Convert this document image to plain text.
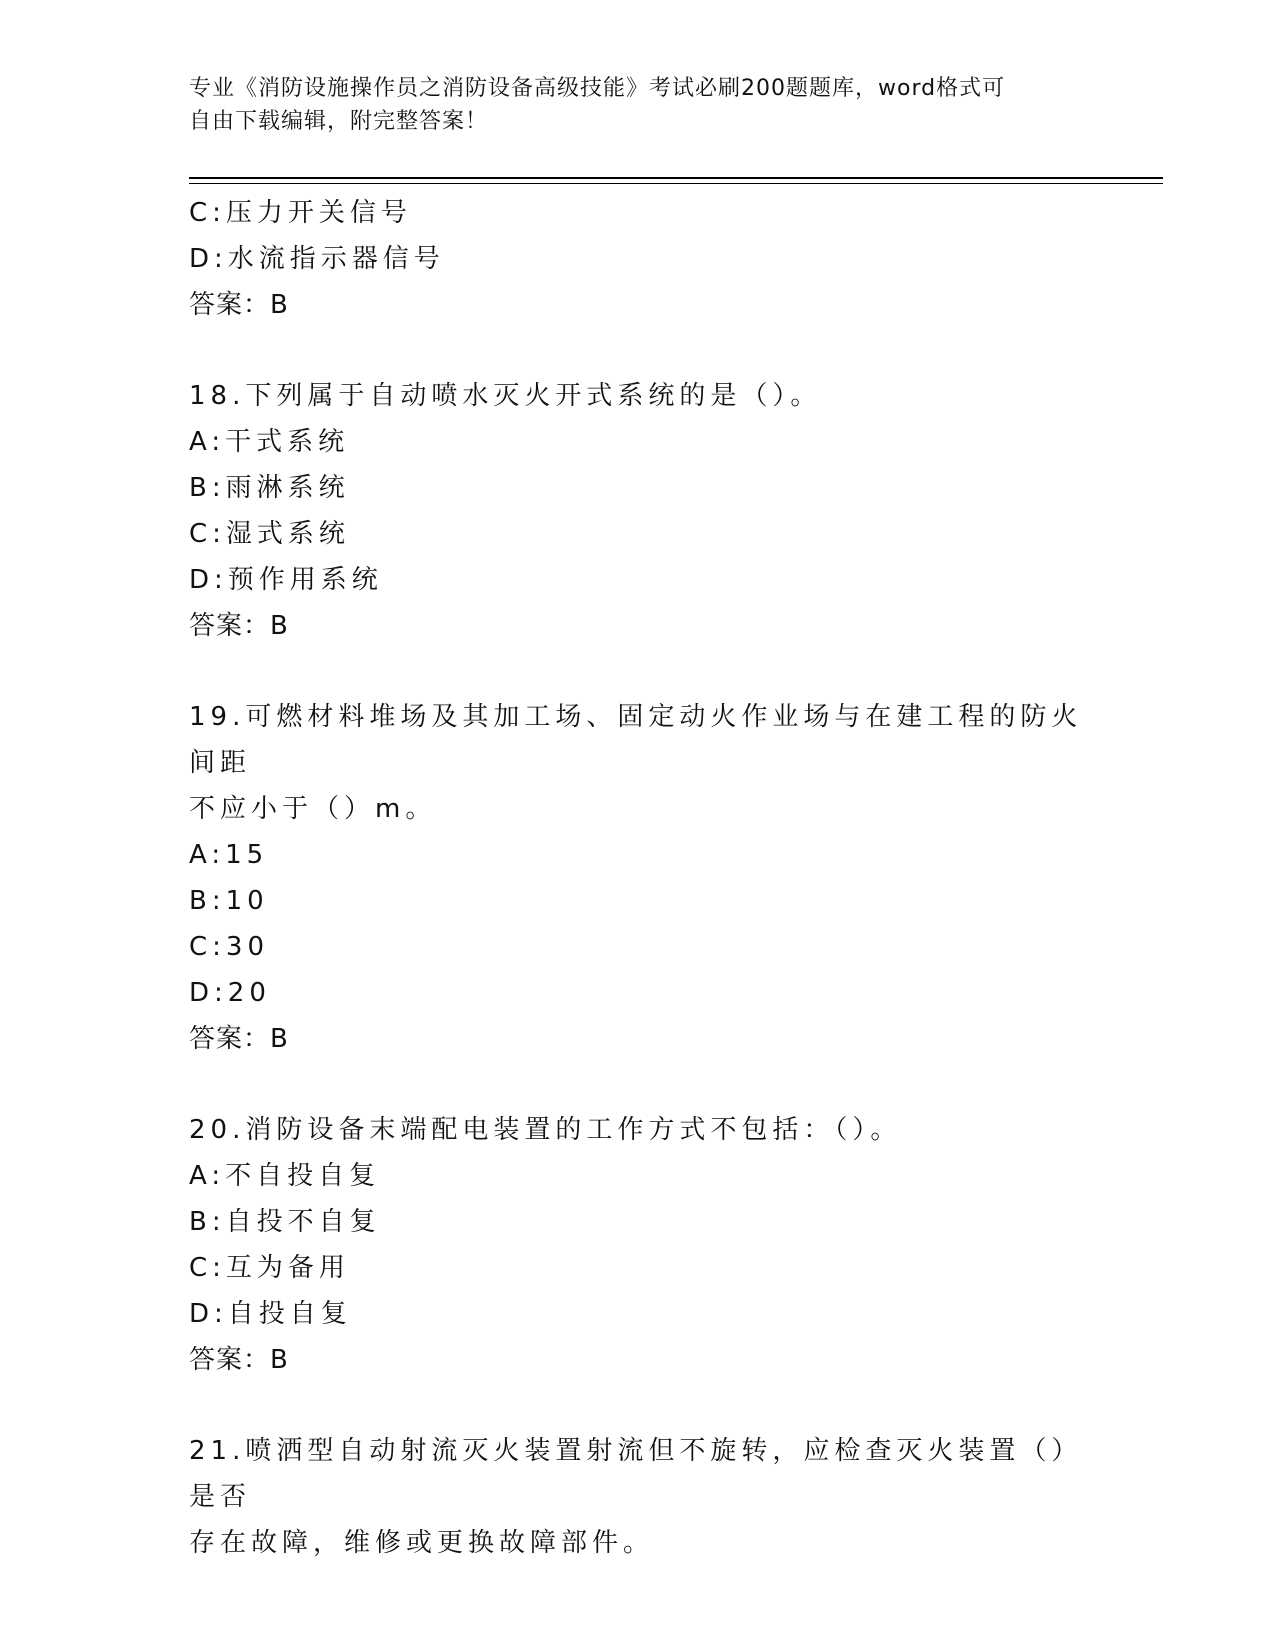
专业《消防设施操作员之消防设备高级技能》考试必刷200题题库，word格式可
自由下载编辑，附完整答案！
C:压力开关信号
D:水流指示器信号
答案：B
18.下列属于自动喷水灭火开式系统的是（）。
A:干式系统
B:雨淋系统
C:湿式系统
D:预作用系统
答案：B
19.可燃材料堆场及其加工场、固定动火作业场与在建工程的防火间距
不应小于（）m。
A:15
B:10
C:30
D:20
答案：B
20.消防设备末端配电装置的工作方式不包括：（）。
A:不自投自复
B:自投不自复
C:互为备用
D:自投自复
答案：B
21.喷洒型自动射流灭火装置射流但不旋转，应检查灭火装置（）是否
存在故障，维修或更换故障部件。
